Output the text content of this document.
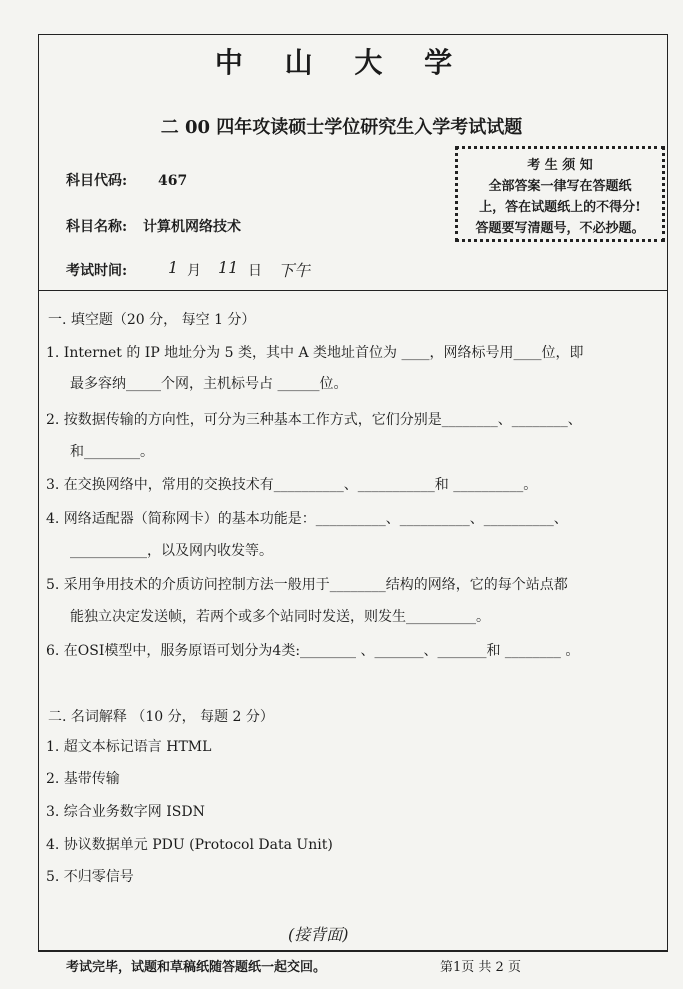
中 山 大 学
二 00 四年攻读硕士学位研究生入学考试试题
考 生 须 知
全部答案一律写在答题纸
上，答在试题纸上的不得分!
答题要写清题号，不必抄题。
科目代码: 467
科目名称: 计算机网络技术
考试时间:	1 月 11 日 下午
一. 填空题（20 分， 每空 1 分）
1. Internet 的 IP 地址分为 5 类，其中 A 类地址首位为 ____，网络标号用____位，即
最多容纳_____个网，主机标号占 ______位。
2. 按数据传输的方向性，可分为三种基本工作方式，它们分别是________、________、
和________。
3. 在交换网络中，常用的交换技术有__________、___________和 __________。
4. 网络适配器（简称网卡）的基本功能是：__________、__________、__________、
___________，以及网内收发等。
5. 采用争用技术的介质访问控制方法一般用于________结构的网络，它的每个站点都
能独立决定发送帧，若两个或多个站同时发送，则发生__________。
6. 在OSI模型中，服务原语可划分为4类:________ 、_______、_______和 ________ 。
二. 名词解释 （10 分， 每题 2 分）
1. 超文本标记语言 HTML
2. 基带传输
3. 综合业务数字网 ISDN
4. 协议数据单元 PDU (Protocol Data Unit)
5. 不归零信号
(接背面)
考试完毕，试题和草稿纸随答题纸一起交回。	第1页 共 2 页
